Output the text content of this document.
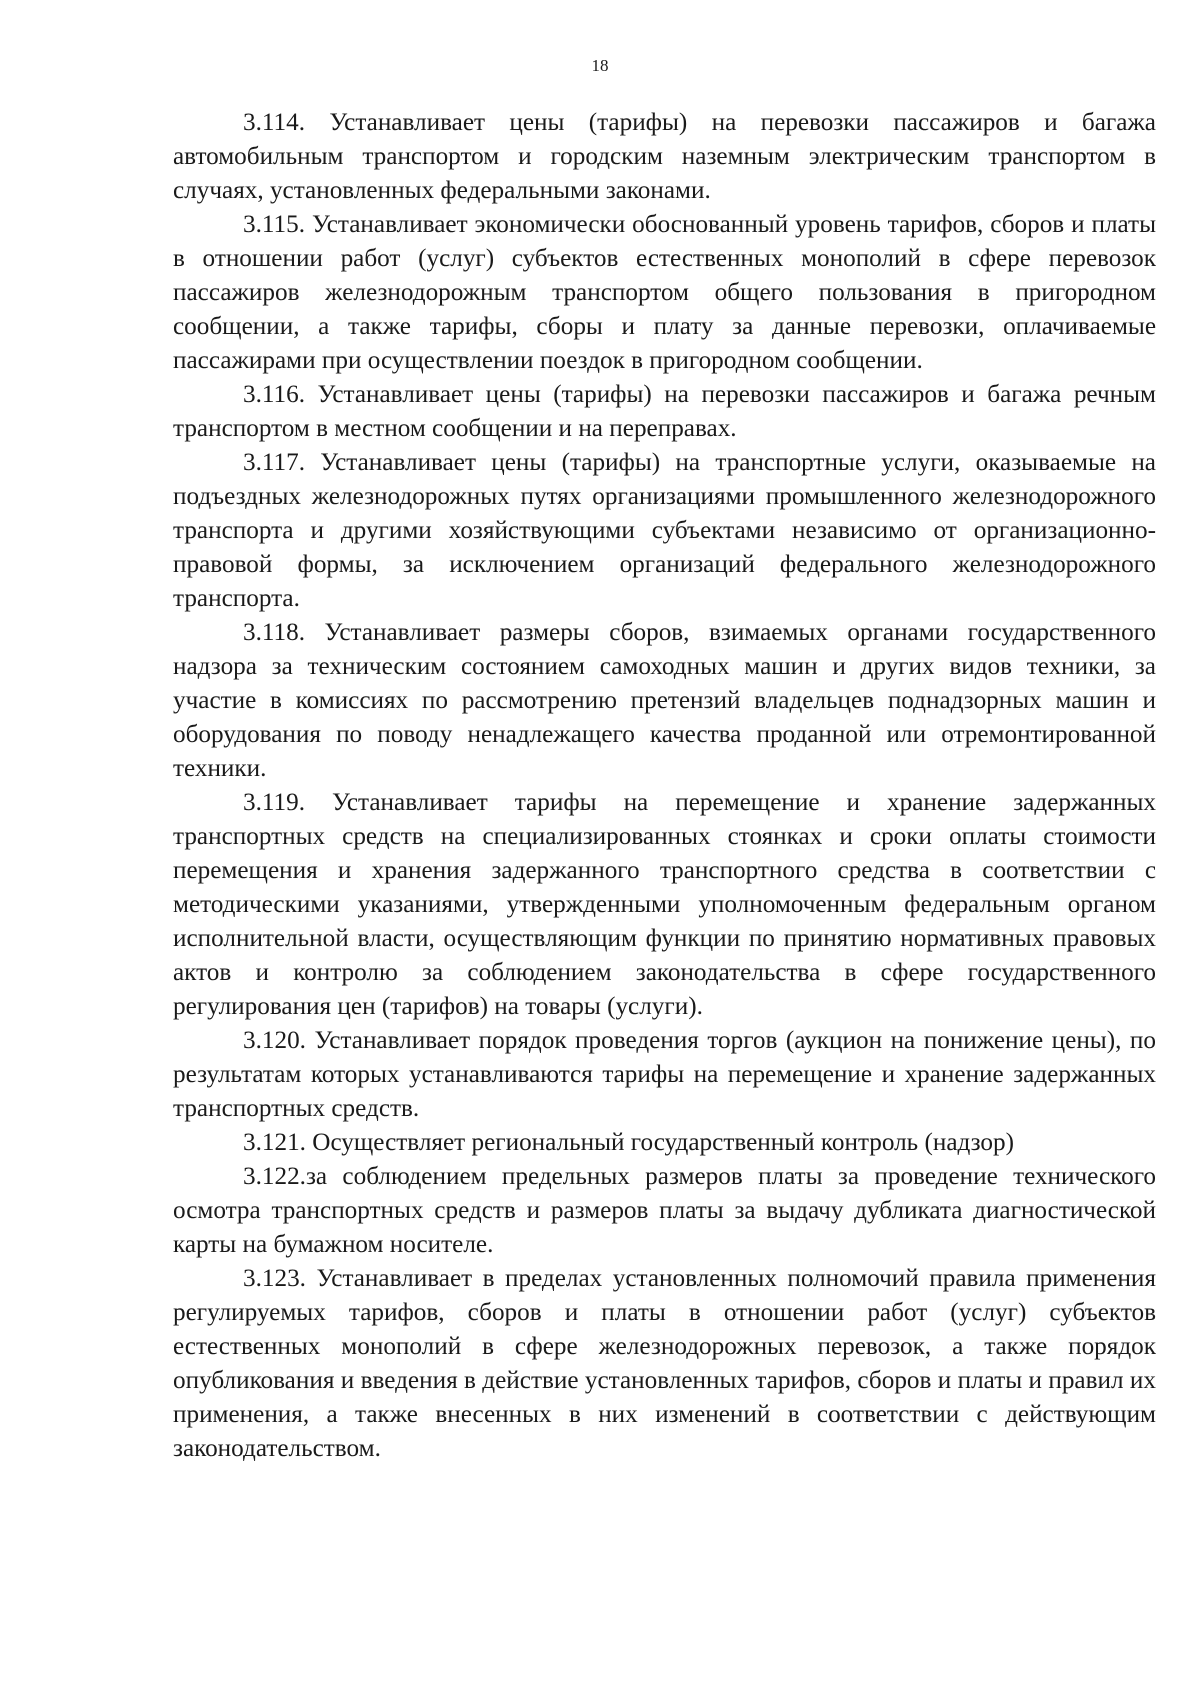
18

3.114. Устанавливает цены (тарифы) на перевозки пассажиров и багажа автомобильным транспортом и городским наземным электрическим транспортом в случаях, установленных федеральными законами.

3.115. Устанавливает экономически обоснованный уровень тарифов, сборов и платы в отношении работ (услуг) субъектов естественных монополий в сфере перевозок пассажиров железнодорожным транспортом общего пользования в пригородном сообщении, а также тарифы, сборы и плату за данные перевозки, оплачиваемые пассажирами при осуществлении поездок в пригородном сообщении.

3.116. Устанавливает цены (тарифы) на перевозки пассажиров и багажа речным транспортом в местном сообщении и на переправах.

3.117. Устанавливает цены (тарифы) на транспортные услуги, оказываемые на подъездных железнодорожных путях организациями промышленного железнодорожного транспорта и другими хозяйствующими субъектами независимо от организационно-правовой формы, за исключением организаций федерального железнодорожного транспорта.

3.118. Устанавливает размеры сборов, взимаемых органами государственного надзора за техническим состоянием самоходных машин и других видов техники, за участие в комиссиях по рассмотрению претензий владельцев поднадзорных машин и оборудования по поводу ненадлежащего качества проданной или отремонтированной техники.

3.119. Устанавливает тарифы на перемещение и хранение задержанных транспортных средств на специализированных стоянках и сроки оплаты стоимости перемещения и хранения задержанного транспортного средства в соответствии с методическими указаниями, утвержденными уполномоченным федеральным органом исполнительной власти, осуществляющим функции по принятию нормативных правовых актов и контролю за соблюдением законодательства в сфере государственного регулирования цен (тарифов) на товары (услуги).

3.120. Устанавливает порядок проведения торгов (аукцион на понижение цены), по результатам которых устанавливаются тарифы на перемещение и хранение задержанных транспортных средств.

3.121. Осуществляет региональный государственный контроль (надзор)

3.122.за соблюдением предельных размеров платы за проведение технического осмотра транспортных средств и размеров платы за выдачу дубликата диагностической карты на бумажном носителе.

3.123. Устанавливает в пределах установленных полномочий правила применения регулируемых тарифов, сборов и платы в отношении работ (услуг) субъектов естественных монополий в сфере железнодорожных перевозок, а также порядок опубликования и введения в действие установленных тарифов, сборов и платы и правил их применения, а также внесенных в них изменений в соответствии с действующим законодательством.
